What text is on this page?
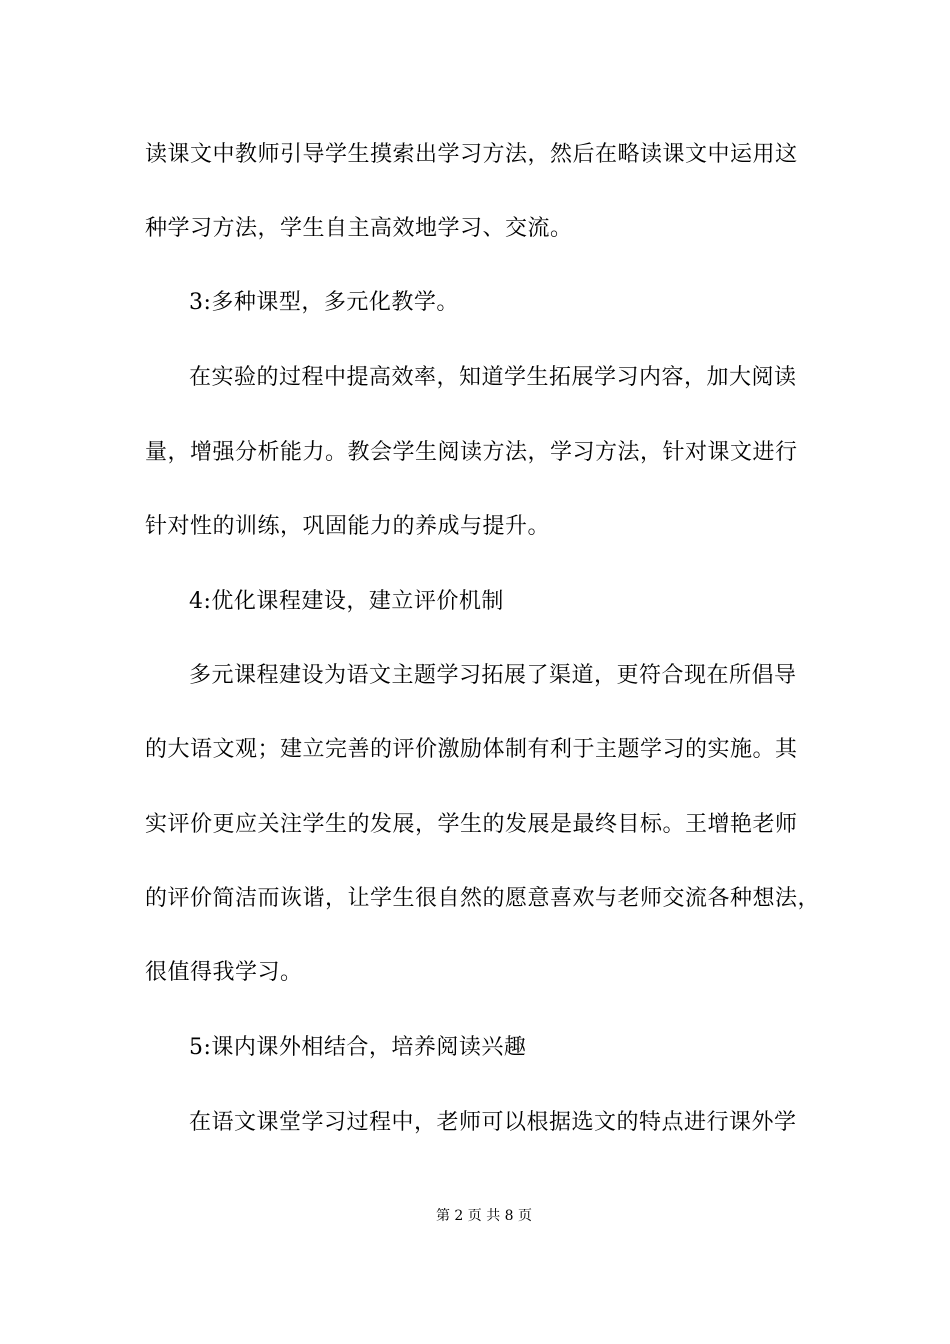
读课文中教师引导学生摸索出学习方法，然后在略读课文中运用这
种学习方法，学生自主高效地学习、交流。
3:多种课型，多元化教学。
在实验的过程中提高效率，知道学生拓展学习内容，加大阅读
量，增强分析能力。教会学生阅读方法，学习方法，针对课文进行
针对性的训练，巩固能力的养成与提升。
4:优化课程建设，建立评价机制
多元课程建设为语文主题学习拓展了渠道，更符合现在所倡导
的大语文观；建立完善的评价激励体制有利于主题学习的实施。其
实评价更应关注学生的发展，学生的发展是最终目标。王增艳老师
的评价简洁而诙谐，让学生很自然的愿意喜欢与老师交流各种想法，
很值得我学习。
5:课内课外相结合，培养阅读兴趣
在语文课堂学习过程中，老师可以根据选文的特点进行课外学
第 2 页 共 8 页
